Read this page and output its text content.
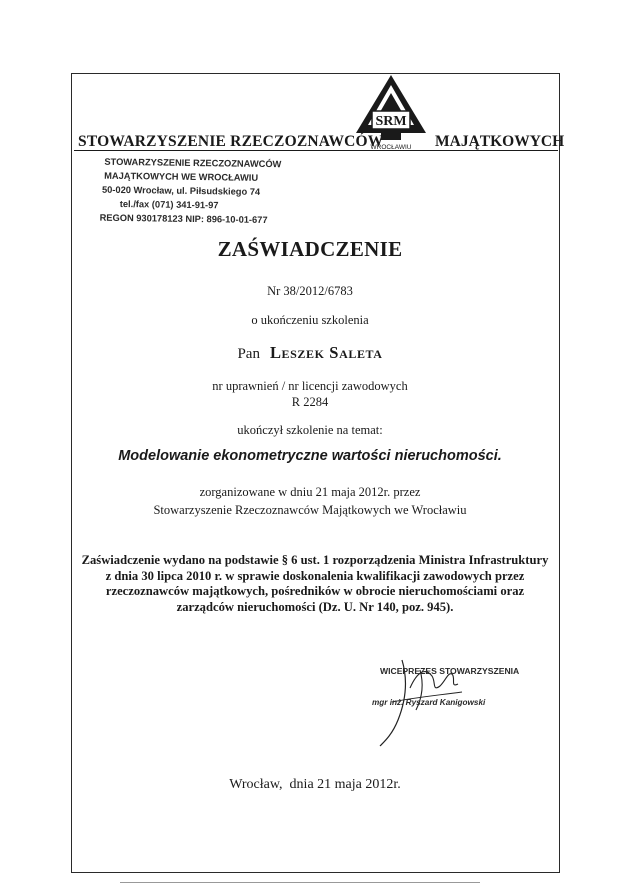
SRM
WROCŁAWIU
STOWARZYSZENIE RZECZOZNAWCÓW	MAJĄTKOWYCH
STOWARZYSZENIE RZECZOZNAWCÓW
MAJĄTKOWYCH WE WROCŁAWIU
50-020 Wrocław, ul. Piłsudskiego 74
tel./fax (071) 341-91-97
REGON 930178123 NIP: 896-10-01-677
ZAŚWIADCZENIE
Nr 38/2012/6783
o ukończeniu szkolenia
Pan Leszek Saleta
nr uprawnień / nr licencji zawodowych
R 2284
ukończył szkolenie na temat:
Modelowanie ekonometryczne wartości nieruchomości.
zorganizowane w dniu 21 maja 2012r. przez
Stowarzyszenie Rzeczoznawców Majątkowych we Wrocławiu
Zaświadczenie wydano na podstawie § 6 ust. 1 rozporządzenia Ministra Infrastruktury
z dnia 30 lipca 2010 r. w sprawie doskonalenia kwalifikacji zawodowych przez
rzeczoznawców majątkowych, pośredników w obrocie nieruchomościami oraz
zarządców nieruchomości (Dz. U. Nr 140, poz. 945).
WICEPREZES STOWARZYSZENIA
mgr inż. Ryszard Kanigowski
Wrocław,  dnia 21 maja 2012r.
